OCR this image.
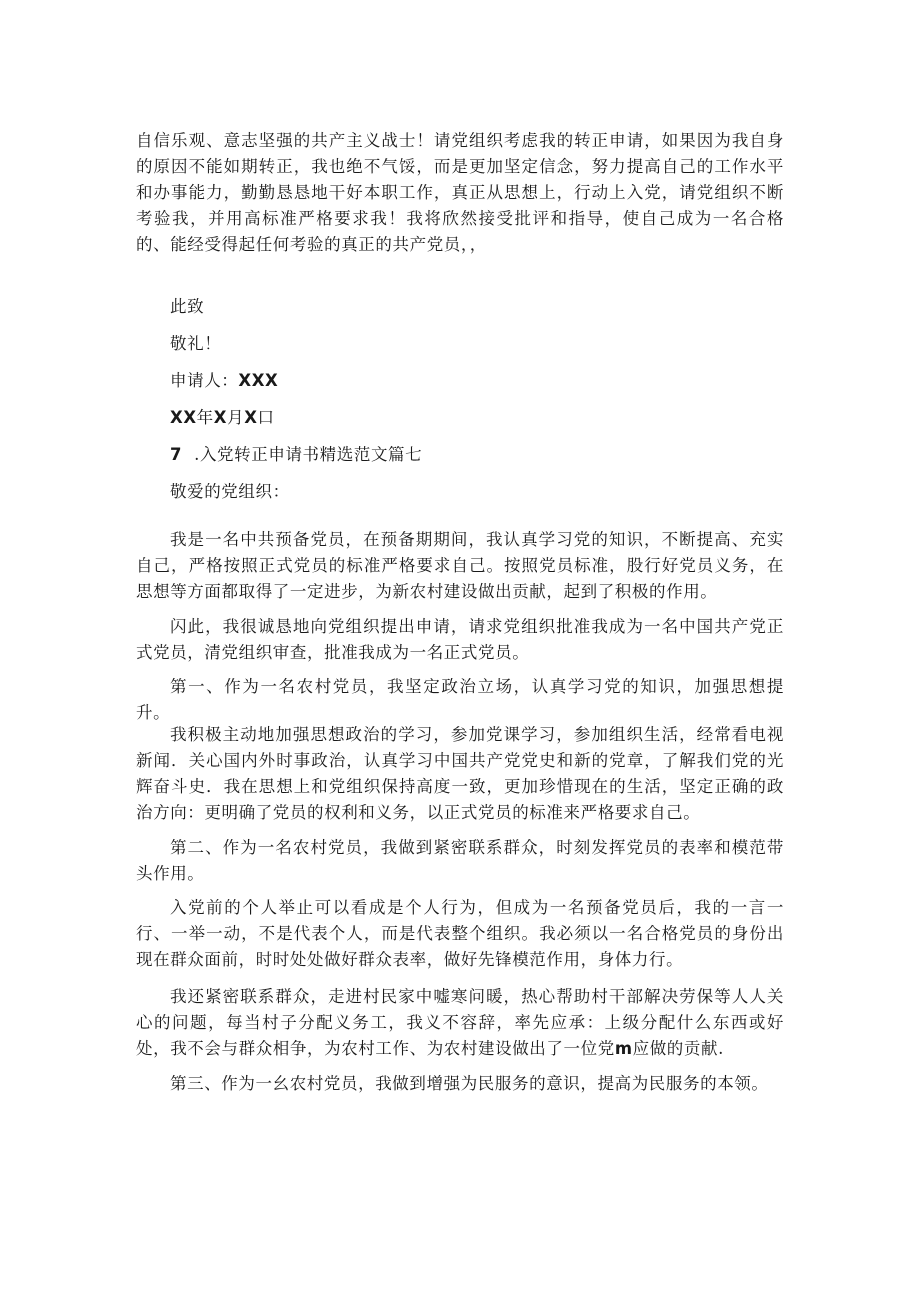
自信乐观、意志坚强的共产主义战士！请党组织考虑我的转正申请，如果因为我自身的原因不能如期转正，我也绝不气馁，而是更加坚定信念，努力提高自己的工作水平和办事能力，勤勤恳恳地干好本职工作，真正从思想上，行动上入党，请党组织不断考验我，并用高标准严格要求我！我将欣然接受批评和指导，使自己成为一名合格的、能经受得起任何考验的真正的共产党员，，

此致

敬礼！

申请人：XXX

XX年X月X口

7 .入党转正申请书精选范文篇七

敬爱的党组织：

我是一名中共预备党员，在预备期期间，我认真学习党的知识，不断提高、充实自己，严格按照正式党员的标准严格要求自己。按照党员标准，股行好党员义务，在思想等方面都取得了一定进步，为新农村建设做出贡献，起到了积极的作用。

闪此，我很诚恳地向党组织提出申请，请求党组织批准我成为一名中国共产党正式党员，清党组织审查，批准我成为一名正式党员。

第一、作为一名农村党员，我坚定政治立场，认真学习党的知识，加强思想提升。

我积极主动地加强思想政治的学习，参加党课学习，参加组织生活，经常看电视新闻．关心国内外时事政治，认真学习中国共产党党史和新的党章，了解我们党的光辉奋斗史．我在思想上和党组织保持高度一致，更加珍惜现在的生活，坚定正确的政治方向：更明确了党员的权利和义务，以正式党员的标准来严格要求自己。

第二、作为一名农村党员，我做到紧密联系群众，时刻发挥党员的表率和模范带头作用。

入党前的个人举止可以看成是个人行为，但成为一名预备党员后，我的一言一行、一举一动，不是代表个人，而是代表整个组织。我必须以一名合格党员的身份出现在群众面前，时时处处做好群众表率，做好先锋模范作用，身体力行。

我还紧密联系群众，走进村民家中嘘寒问暖，热心帮助村干部解决劳保等人人关心的问题，每当村子分配义务工，我义不容辞，率先应承：上级分配什么东西或好处，我不会与群众相争，为农村工作、为农村建设做出了一位党m应做的贡献.

第三、作为一幺农村党员，我做到增强为民服务的意识，提高为民服务的本领。
